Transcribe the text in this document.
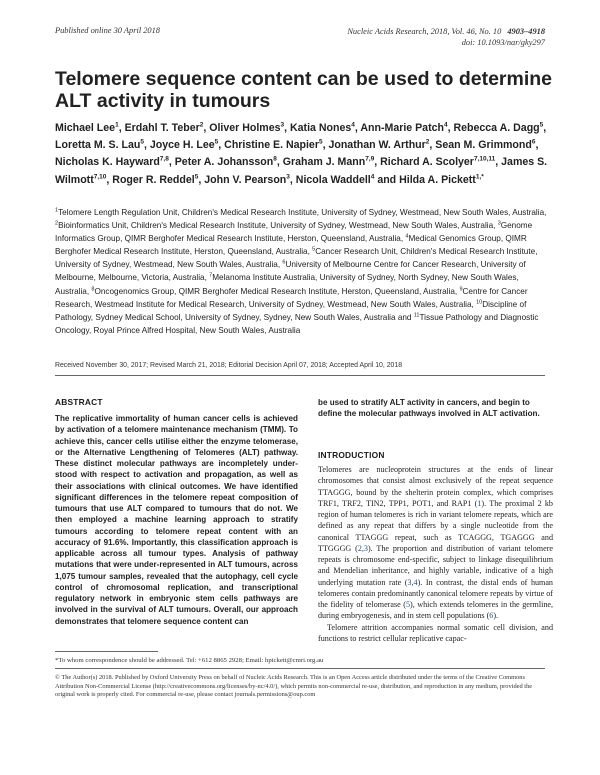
Published online 30 April 2018	Nucleic Acids Research, 2018, Vol. 46, No. 10 4903–4918
doi: 10.1093/nar/gky297
Telomere sequence content can be used to determine ALT activity in tumours
Michael Lee$^1$, Erdahl T. Teber$^2$, Oliver Holmes$^3$, Katia Nones$^4$, Ann-Marie Patch$^4$, Rebecca A. Dagg$^5$, Loretta M. S. Lau$^5$, Joyce H. Lee$^5$, Christine E. Napier$^5$, Jonathan W. Arthur$^2$, Sean M. Grimmond$^6$, Nicholas K. Hayward$^{7,8}$, Peter A. Johansson$^8$, Graham J. Mann$^{7,9}$, Richard A. Scolyer$^{7,10,11}$, James S. Wilmott$^{7,10}$, Roger R. Reddel$^5$, John V. Pearson$^3$, Nicola Waddell$^4$ and Hilda A. Pickett$^{1,*}$
$^1$Telomere Length Regulation Unit, Children's Medical Research Institute, University of Sydney, Westmead, New South Wales, Australia, $^2$Bioinformatics Unit, Children's Medical Research Institute, University of Sydney, Westmead, New South Wales, Australia, $^3$Genome Informatics Group, QIMR Berghofer Medical Research Institute, Herston, Queensland, Australia, $^4$Medical Genomics Group, QIMR Berghofer Medical Research Institute, Herston, Queensland, Australia, $^5$Cancer Research Unit, Children's Medical Research Institute, University of Sydney, Westmead, New South Wales, Australia, $^6$University of Melbourne Centre for Cancer Research, University of Melbourne, Melbourne, Victoria, Australia, $^7$Melanoma Institute Australia, University of Sydney, North Sydney, New South Wales, Australia, $^8$Oncogenomics Group, QIMR Berghofer Medical Research Institute, Herston, Queensland, Australia, $^9$Centre for Cancer Research, Westmead Institute for Medical Research, University of Sydney, Westmead, New South Wales, Australia, $^{10}$Discipline of Pathology, Sydney Medical School, University of Sydney, Sydney, New South Wales, Australia and $^{11}$Tissue Pathology and Diagnostic Oncology, Royal Prince Alfred Hospital, New South Wales, Australia
Received November 30, 2017; Revised March 21, 2018; Editorial Decision April 07, 2018; Accepted April 10, 2018
ABSTRACT
The replicative immortality of human cancer cells is achieved by activation of a telomere maintenance mechanism (TMM). To achieve this, cancer cells utilise either the enzyme telomerase, or the Alternative Lengthening of Telomeres (ALT) pathway. These distinct molecular pathways are incompletely understood with respect to activation and propagation, as well as their associations with clinical outcomes. We have identified significant differences in the telomere repeat composition of tumours that use ALT compared to tumours that do not. We then employed a machine learning approach to stratify tumours according to telomere repeat content with an accuracy of 91.6%. Importantly, this classification approach is applicable across all tumour types. Analysis of pathway mutations that were under-represented in ALT tumours, across 1,075 tumour samples, revealed that the autophagy, cell cycle control of chromosomal replication, and transcriptional regulatory network in embryonic stem cells pathways are involved in the survival of ALT tumours. Overall, our approach demonstrates that telomere sequence content can
be used to stratify ALT activity in cancers, and begin to define the molecular pathways involved in ALT activation.
INTRODUCTION

Telomeres are nucleoprotein structures at the ends of linear chromosomes that consist almost exclusively of the repeat sequence TTAGGG, bound by the shelterin protein complex, which comprises TRF1, TRF2, TIN2, TPP1, POT1, and RAP1 (1). The proximal 2 kb region of human telomeres is rich in variant telomere repeats, which are defined as any repeat that differs by a single nucleotide from the canonical TTAGGG repeat, such as TCAGGG, TGAGGG and TTGGGG (2,3). The proportion and distribution of variant telomere repeats is chromosome end-specific, subject to linkage disequilibrium and Mendelian inheritance, and highly variable, indicative of a high underlying mutation rate (3,4). In contrast, the distal ends of human telomeres contain predominantly canonical telomere repeats by virtue of the fidelity of telomerase (5), which extends telomeres in the germline, during embryogenesis, and in stem cell populations (6).

Telomere attrition accompanies normal somatic cell division, and functions to restrict cellular replicative capac-

*To whom correspondence should be addressed. Tel: +612 8865 2928; Email: hpickett@cmri.org.au
© The Author(s) 2018. Published by Oxford University Press on behalf of Nucleic Acids Research. This is an Open Access article distributed under the terms of the Creative Commons Attribution Non-Commercial License (http://creativecommons.org/licenses/by-nc/4.0/), which permits non-commercial re-use, distribution, and reproduction in any medium, provided the original work is properly cited. For commercial re-use, please contact journals.permissions@oup.com
